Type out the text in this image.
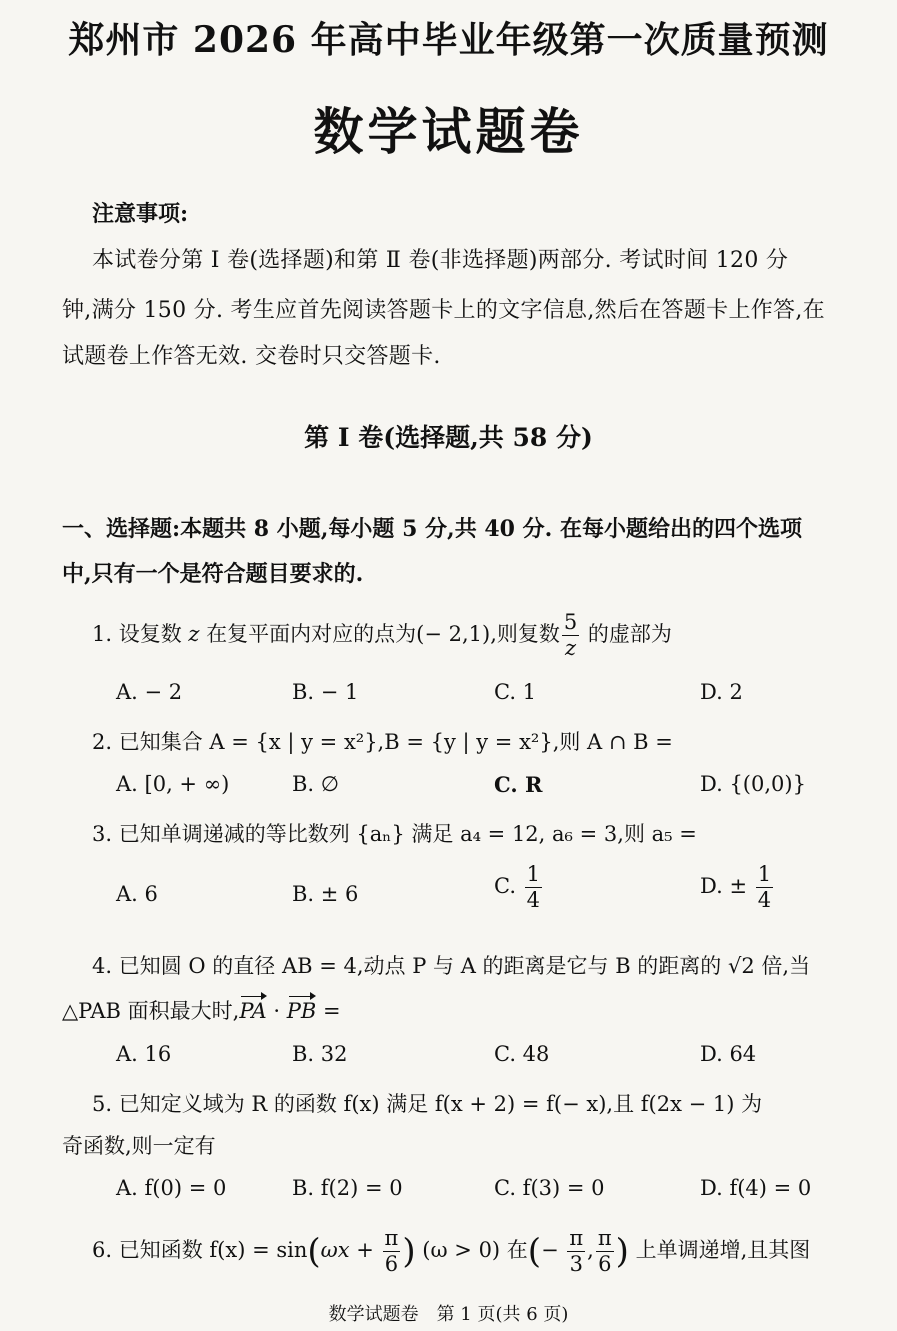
郑州市 2026 年高中毕业年级第一次质量预测
数学试题卷
注意事项:
本试卷分第 Ⅰ 卷(选择题)和第 Ⅱ 卷(非选择题)两部分. 考试时间 120 分
钟,满分 150 分. 考生应首先阅读答题卡上的文字信息,然后在答题卡上作答,在
试题卷上作答无效. 交卷时只交答题卡.
第 Ⅰ 卷(选择题,共 58 分)
一、选择题:本题共 8 小题,每小题 5 分,共 40 分. 在每小题给出的四个选项
中,只有一个是符合题目要求的.
1. 设复数 z 在复平面内对应的点为(− 2,1),则复数 $\frac{5}{z}$ 的虚部为
A. − 2	B. − 1	C. 1	D. 2
2. 已知集合 A = {x | y = x²},B = {y | y = x²},则 A ∩ B =
A. [0, + ∞)	B. ∅	C. R	D. {(0,0)}
3. 已知单调递减的等比数列 {aₙ} 满足 a₄ = 12, a₆ = 3,则 a₅ =
A. 6	B. ± 6	C. $\frac{1}{4}$	D. ± $\frac{1}{4}$
4. 已知圆 O 的直径 AB = 4,动点 P 与 A 的距离是它与 B 的距离的 √2 倍,当
△PAB 面积最大时,PA · PB =
A. 16	B. 32	C. 48	D. 64
5. 已知定义域为 R 的函数 f(x) 满足 f(x + 2) = f(− x),且 f(2x − 1) 为
奇函数,则一定有
A. f(0) = 0	B. f(2) = 0	C. f(3) = 0	D. f(4) = 0
6. 已知函数 $f(x) = \sin(\omega x + \frac{\pi}{6}$ ) (ω > 0) 在(− $\frac{\pi}{3}$ , $\frac{\pi}{6}$ ) 上单调递增,且其图
数学试题卷　第 1 页(共 6 页)
